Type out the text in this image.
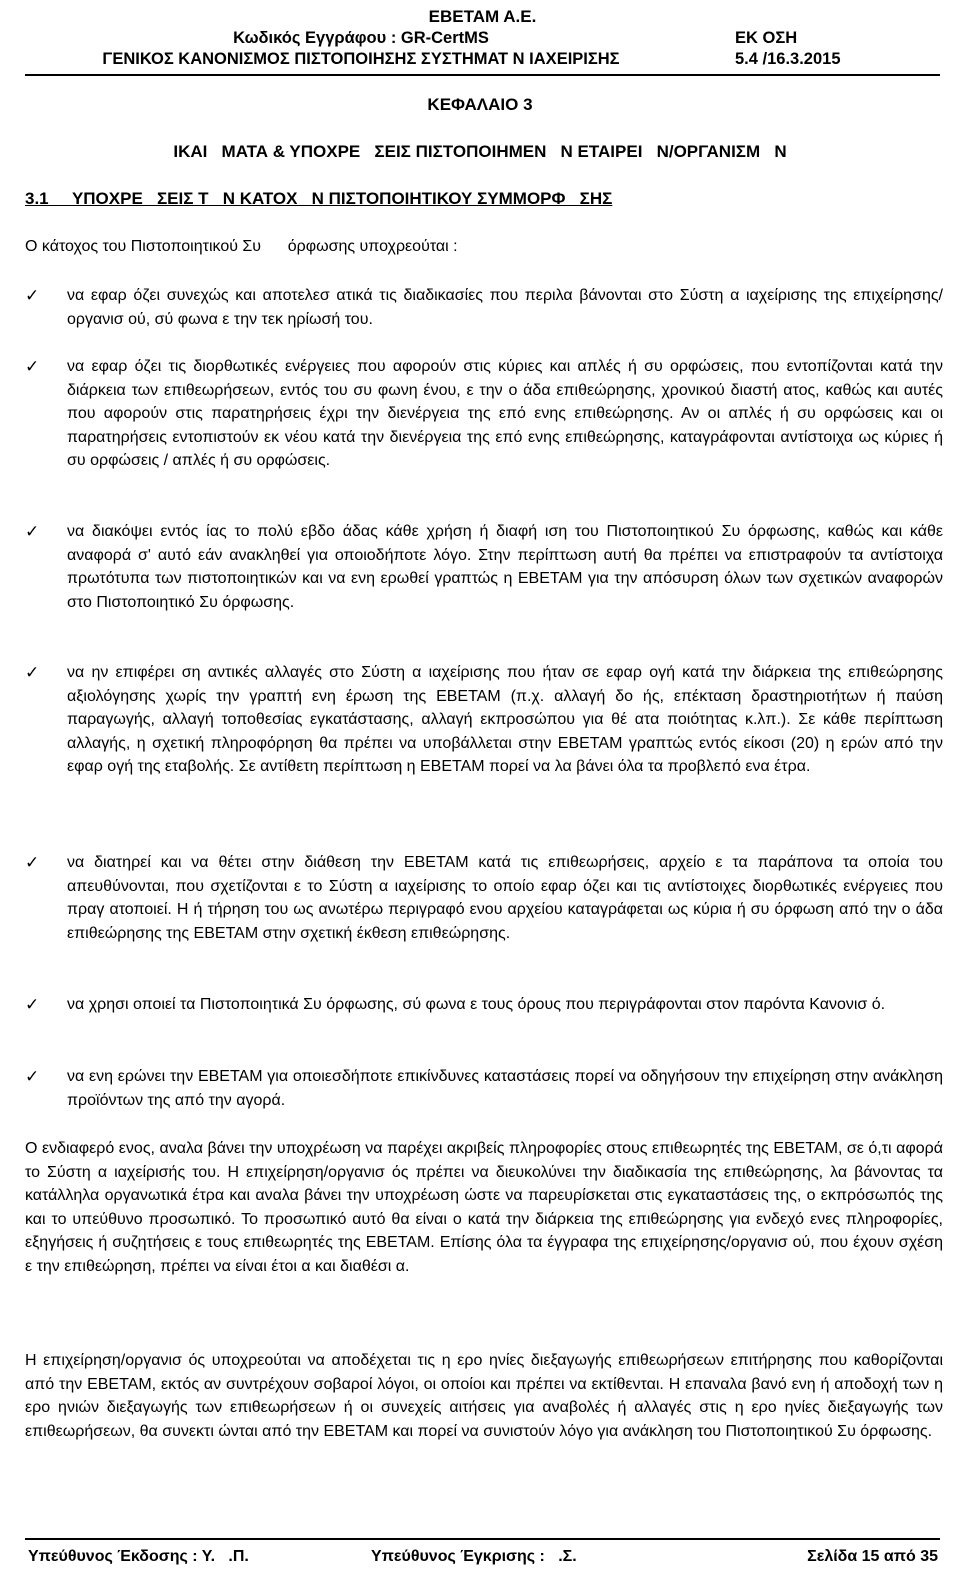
ΕΒΕΤΑΜ Α.Ε.
Κωδικός Εγγράφου : GR-CertMS	ΕΚ ΟΣΗ
ΓΕΝΙΚΟΣ ΚΑΝΟΝΙΣΜΟΣ ΠΙΣΤΟΠΟΙΗΣΗΣ ΣΥΣΤΗΜΑΤ Ν ΙΑΧΕΙΡΙΣΗΣ	5.4 /16.3.2015
ΚΕΦΑΛΑΙΟ 3
ΙΚΑΙ   ΜΑΤΑ & ΥΠΟΧΡΕ   ΣΕΙΣ ΠΙΣΤΟΠΟΙΗΜΕΝ   Ν ΕΤΑΙΡΕΙ   Ν/ΟΡΓΑΝΙΣΜ   Ν
3.1     ΥΠΟΧΡΕ   ΣΕΙΣ Τ   Ν ΚΑΤΟΧ   Ν ΠΙΣΤΟΠΟΙΗΤΙΚΟΥ ΣΥΜΜΟΡΦ   ΣΗΣ
Ο κάτοχος του Πιστοποιητικού Συ      όρφωσης υποχρεούται :
✓ να εφαρ όζει συνεχώς και αποτελεσ ατικά τις διαδικασίες που περιλα βάνονται στο Σύστη α ιαχείρισης της επιχείρησης/οργανισ ού, σύ φωνα ε την τεκ ηρίωσή του.
✓ να εφαρ όζει τις διορθωτικές ενέργειες που αφορούν στις κύριες και απλές ή συ ορφώσεις, που εντοπίζονται κατά την διάρκεια των επιθεωρήσεων, εντός του συ φωνη ένου, ε την ο άδα επιθεώρησης, χρονικού διαστή ατος, καθώς και αυτές που αφορούν στις παρατηρήσεις έχρι την διενέργεια της επό ενης επιθεώρησης. Αν οι απλές ή συ ορφώσεις και οι παρατηρήσεις εντοπιστούν εκ νέου κατά την διενέργεια της επό ενης επιθεώρησης, καταγράφονται αντίστοιχα ως κύριες ή συ ορφώσεις / απλές ή συ ορφώσεις.
✓ να διακόψει εντός ίας το πολύ εβδο άδας κάθε χρήση ή διαφή ιση του Πιστοποιητικού Συ όρφωσης, καθώς και κάθε αναφορά σ' αυτό εάν ανακληθεί για οποιοδήποτε λόγο. Στην περίπτωση αυτή θα πρέπει να επιστραφούν τα αντίστοιχα πρωτότυπα των πιστοποιητικών και να ενη ερωθεί γραπτώς η ΕΒΕΤΑΜ για την απόσυρση όλων των σχετικών αναφορών στο Πιστοποιητικό Συ όρφωσης.
✓ να ην επιφέρει ση αντικές αλλαγές στο Σύστη α ιαχείρισης που ήταν σε εφαρ ογή κατά την διάρκεια της επιθεώρησης αξιολόγησης χωρίς την γραπτή ενη έρωση της ΕΒΕΤΑΜ (π.χ. αλλαγή δο ής, επέκταση δραστηριοτήτων ή παύση παραγωγής, αλλαγή τοποθεσίας εγκατάστασης, αλλαγή εκπροσώπου για θέ ατα ποιότητας κ.λπ.). Σε κάθε περίπτωση αλλαγής, η σχετική πληροφόρηση θα πρέπει να υποβάλλεται στην ΕΒΕΤΑΜ γραπτώς εντός είκοσι (20) η ερών από την εφαρ ογή της εταβολής. Σε αντίθετη περίπτωση η ΕΒΕΤΑΜ πορεί να λα βάνει όλα τα προβλεπό ενα έτρα.
✓ να διατηρεί και να θέτει στην διάθεση την ΕΒΕΤΑΜ κατά τις επιθεωρήσεις, αρχείο ε τα παράπονα τα οποία του απευθύνονται, που σχετίζονται ε το Σύστη α ιαχείρισης το οποίο εφαρ όζει και τις αντίστοιχες διορθωτικές ενέργειες που πραγ ατοποιεί. Η ή τήρηση του ως ανωτέρω περιγραφό ενου αρχείου καταγράφεται ως κύρια ή συ όρφωση από την ο άδα επιθεώρησης της ΕΒΕΤΑΜ στην σχετική έκθεση επιθεώρησης.
✓ να χρησι οποιεί τα Πιστοποιητικά Συ όρφωσης, σύ φωνα ε τους όρους που περιγράφονται στον παρόντα Κανονισ ό.
✓ να ενη ερώνει την ΕΒΕΤΑΜ για οποιεσδήποτε επικίνδυνες καταστάσεις πορεί να οδηγήσουν την επιχείρηση στην ανάκληση προϊόντων της από την αγορά.
Ο ενδιαφερό ενος, αναλα βάνει την υποχρέωση να παρέχει ακριβείς πληροφορίες στους επιθεωρητές της ΕΒΕΤΑΜ, σε ό,τι αφορά το Σύστη α ιαχείρισής του. Η επιχείρηση/οργανισ ός πρέπει να διευκολύνει την διαδικασία της επιθεώρησης, λα βάνοντας τα κατάλληλα οργανωτικά έτρα και αναλα βάνει την υποχρέωση ώστε να παρευρίσκεται στις εγκαταστάσεις της, ο εκπρόσωπός της και το υπεύθυνο προσωπικό. Το προσωπικό αυτό θα είναι ο κατά την διάρκεια της επιθεώρησης για ενδεχό ενες πληροφορίες, εξηγήσεις ή συζητήσεις ε τους επιθεωρητές της ΕΒΕΤΑΜ. Επίσης όλα τα έγγραφα της επιχείρησης/οργανισ ού, που έχουν σχέση ε την επιθεώρηση, πρέπει να είναι έτοι α και διαθέσι α.
Η επιχείρηση/οργανισ ός υποχρεούται να αποδέχεται τις η ερο ηνίες διεξαγωγής επιθεωρήσεων επιτήρησης που καθορίζονται από την ΕΒΕΤΑΜ, εκτός αν συντρέχουν σοβαροί λόγοι, οι οποίοι και πρέπει να εκτίθενται. Η επαναλα βανό ενη ή αποδοχή των η ερο ηνιών διεξαγωγής των επιθεωρήσεων ή οι συνεχείς αιτήσεις για αναβολές ή αλλαγές στις η ερο ηνίες διεξαγωγής των επιθεωρήσεων, θα συνεκτι ώνται από την ΕΒΕΤΑΜ και πορεί να συνιστούν λόγο για ανάκληση του Πιστοποιητικού Συ όρφωσης.
Υπεύθυνος Έκδοσης : Υ.   .Π.	Υπεύθυνος Έγκρισης :   .Σ.	Σελίδα 15 από 35
